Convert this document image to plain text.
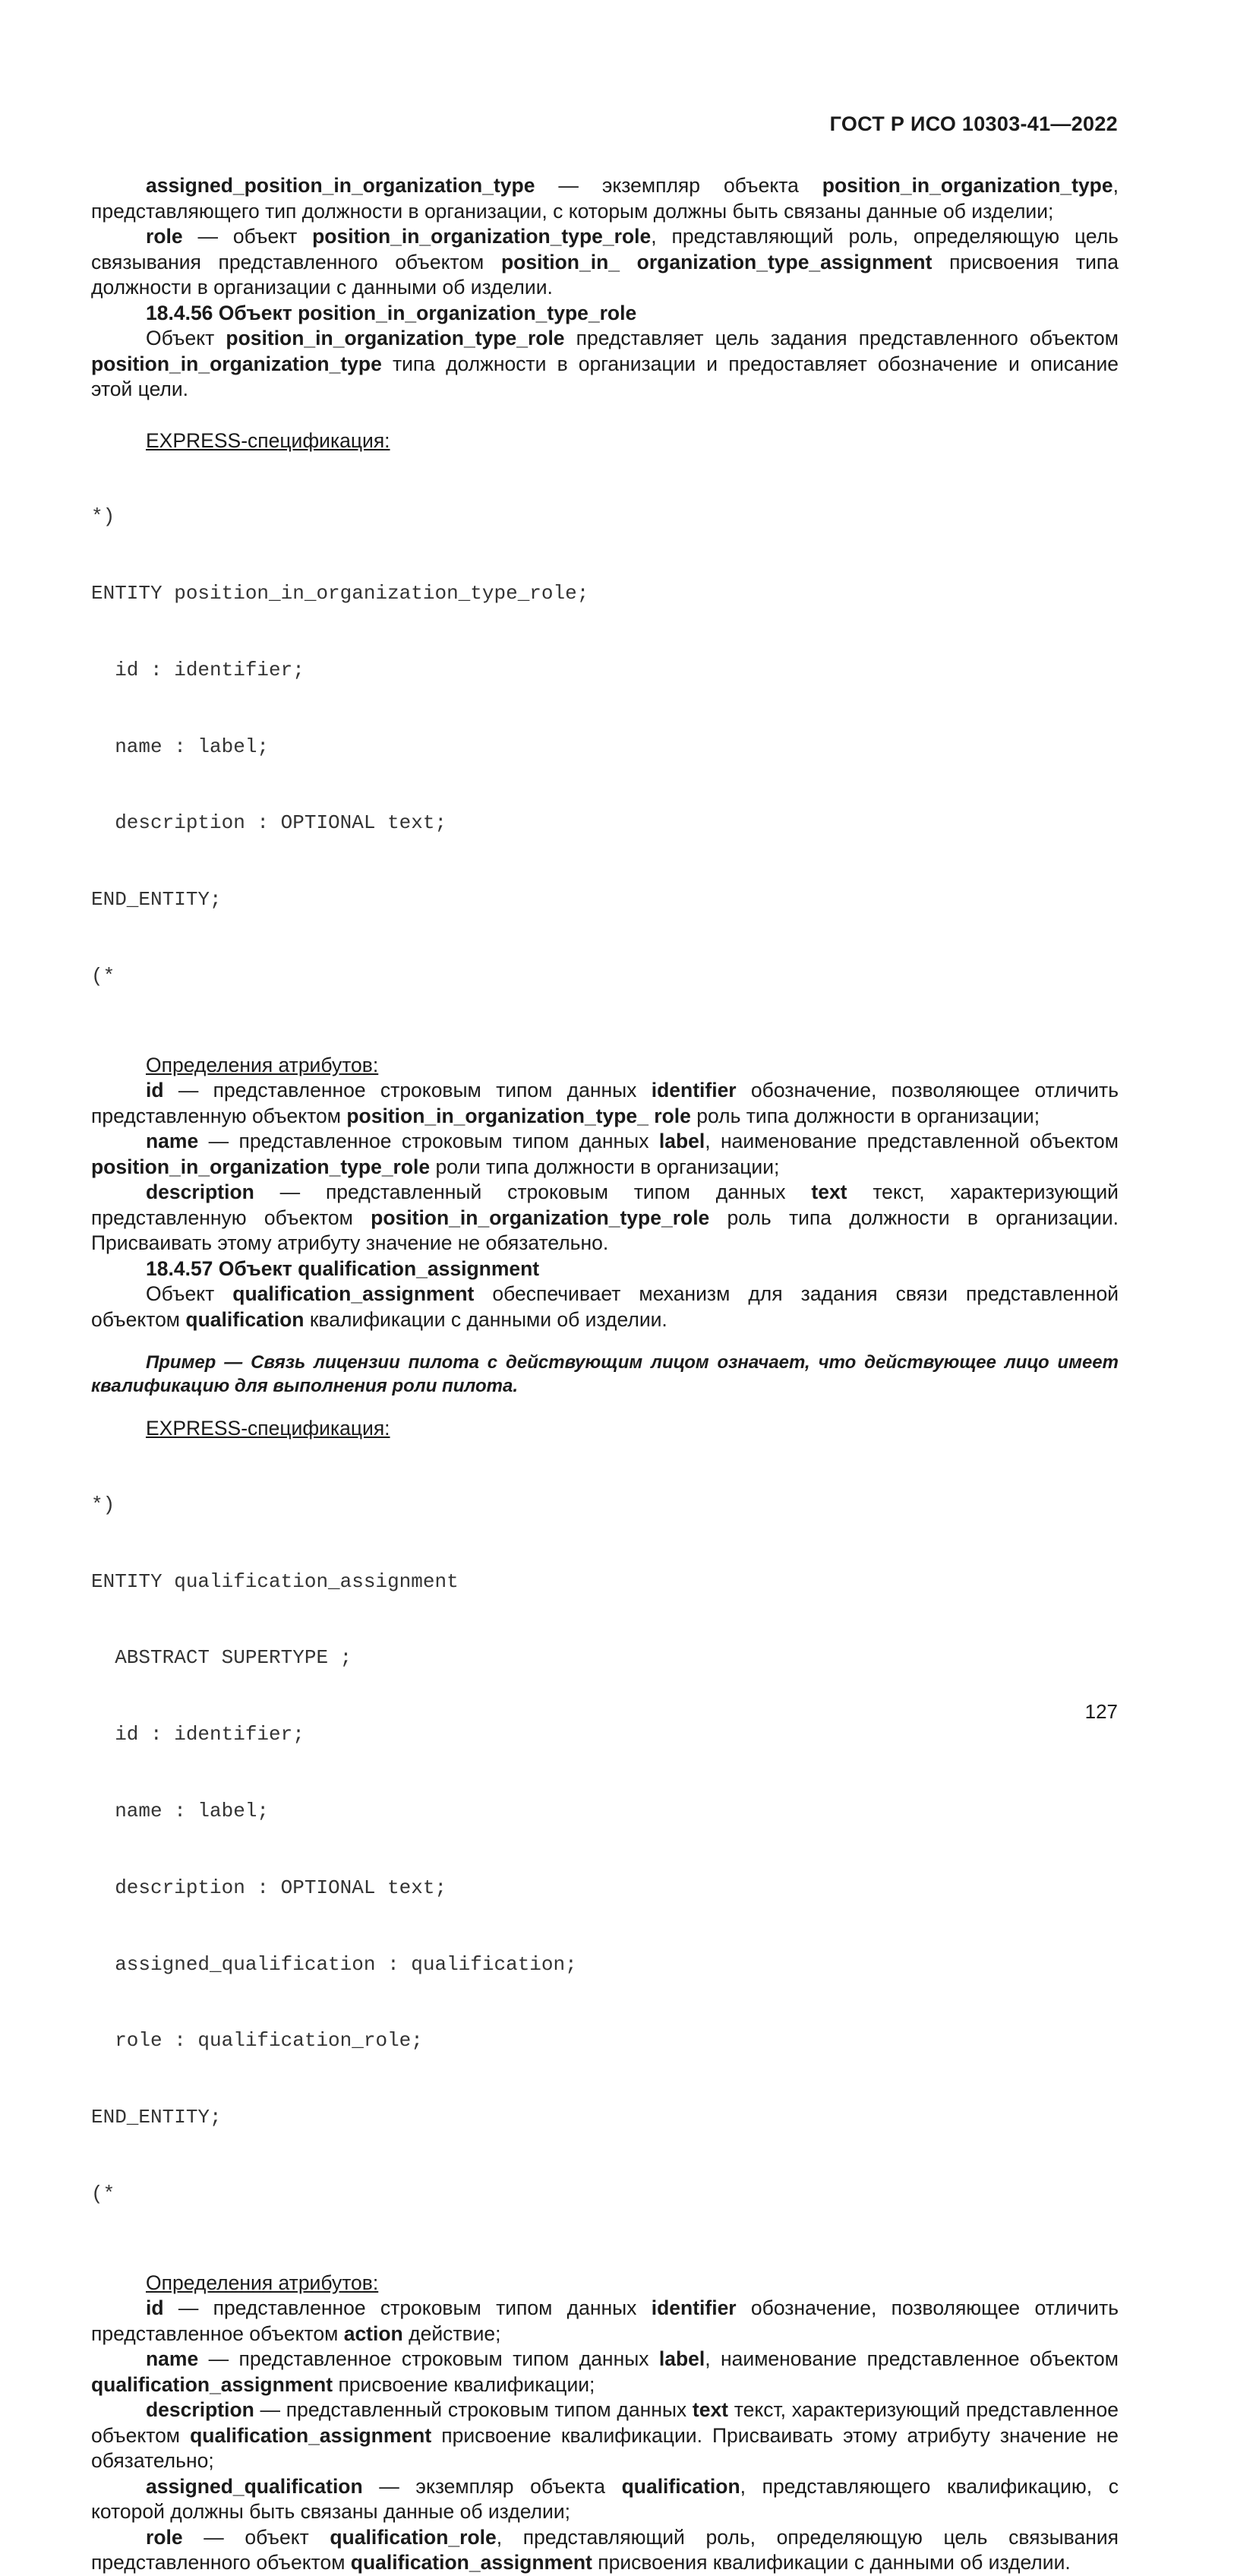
ГОСТ Р ИСО 10303-41—2022

assigned_position_in_organization_type — экземпляр объекта position_in_organization_type, представляющего тип должности в организации, с которым должны быть связаны данные об изделии;

role — объект position_in_organization_type_role, представляющий роль, определяющую цель связывания представленного объектом position_in_ organization_type_assignment присвоения типа должности в организации с данными об изделии.

18.4.56 Объект position_in_organization_type_role

Объект position_in_organization_type_role представляет цель задания представленного объектом position_in_organization_type типа должности в организации и предоставляет обозначение и описание этой цели.

EXPRESS-спецификация:

*)

ENTITY position_in_organization_type_role;

id : identifier;

name : label;

description : OPTIONAL text;

END_ENTITY;

(*

Определения атрибутов:

id — представленное строковым типом данных identifier обозначение, позволяющее отличить представленную объектом position_in_organization_type_ role роль типа должности в организации;

name — представленное строковым типом данных label, наименование представленной объектом position_in_organization_type_role роли типа должности в организации;

description — представленный строковым типом данных text текст, характеризующий представленную объектом position_in_organization_type_role роль типа должности в организации. Присваивать этому атрибуту значение не обязательно.

18.4.57 Объект qualification_assignment

Объект qualification_assignment обеспечивает механизм для задания связи представленной объектом qualification квалификации с данными об изделии.

Пример — Связь лицензии пилота с действующим лицом означает, что действующее лицо имеет квалификацию для выполнения роли пилота.

EXPRESS-спецификация:

*)

ENTITY qualification_assignment

ABSTRACT SUPERTYPE ;

id : identifier;

name : label;

description : OPTIONAL text;

assigned_qualification : qualification;

role : qualification_role;

END_ENTITY;

(*

Определения атрибутов:

id — представленное строковым типом данных identifier обозначение, позволяющее отличить представленное объектом action действие;

name — представленное строковым типом данных label, наименование представленное объектом qualification_assignment присвоение квалификации;

description — представленный строковым типом данных text текст, характеризующий представленное объектом qualification_assignment присвоение квалификации. Присваивать этому атрибуту значение не обязательно;

assigned_qualification — экземпляр объекта qualification, представляющего квалификацию, с которой должны быть связаны данные об изделии;

role — объект qualification_role, представляющий роль, определяющую цель связывания представленного объектом qualification_assignment присвоения квалификации с данными об изделии.

127
